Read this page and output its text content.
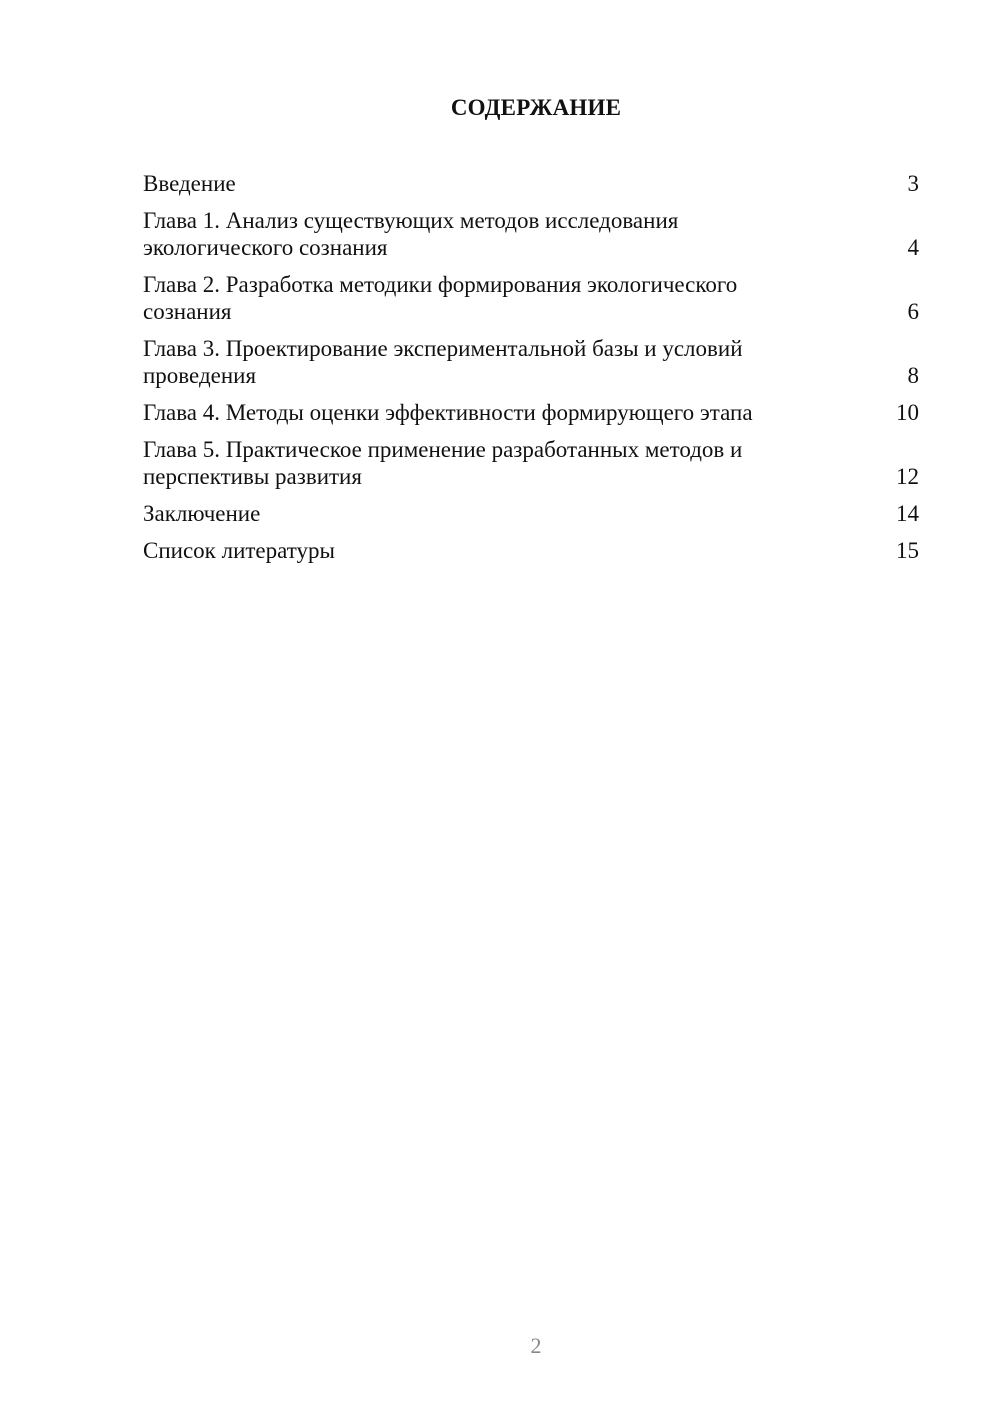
СОДЕРЖАНИЕ
Введение	3
Глава 1. Анализ существующих методов исследования
экологического сознания	4
Глава 2. Разработка методики формирования экологического
сознания	6
Глава 3. Проектирование экспериментальной базы и условий
проведения	8
Глава 4. Методы оценки эффективности формирующего этапа	10
Глава 5. Практическое применение разработанных методов и
перспективы развития	12
Заключение	14
Список литературы	15
2
